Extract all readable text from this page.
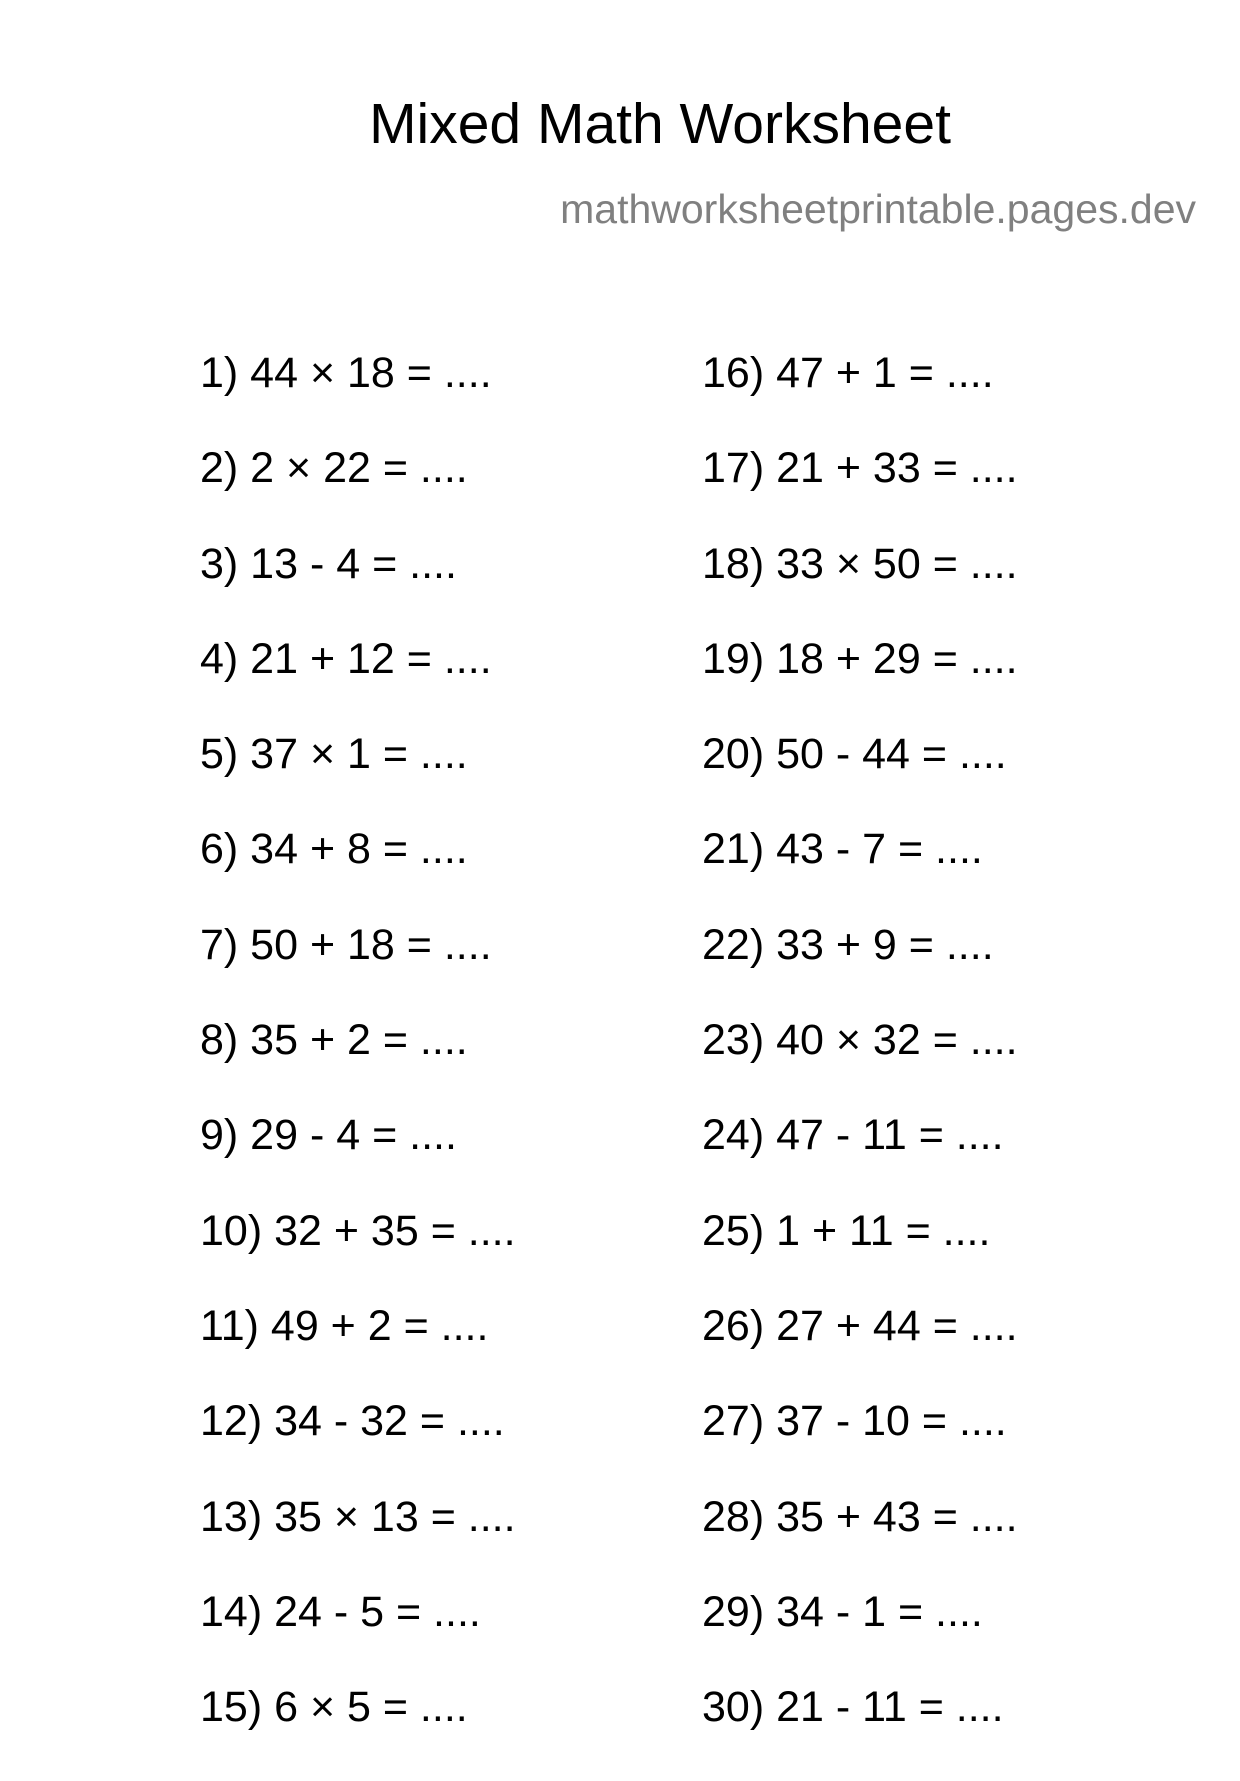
Mixed Math Worksheet
mathworksheetprintable.pages.dev
1) 44 × 18 = ....
2) 2 × 22 = ....
3) 13 - 4 = ....
4) 21 + 12 = ....
5) 37 × 1 = ....
6) 34 + 8 = ....
7) 50 + 18 = ....
8) 35 + 2 = ....
9) 29 - 4 = ....
10) 32 + 35 = ....
11) 49 + 2 = ....
12) 34 - 32 = ....
13) 35 × 13 = ....
14) 24 - 5 = ....
15) 6 × 5 = ....
16) 47 + 1 = ....
17) 21 + 33 = ....
18) 33 × 50 = ....
19) 18 + 29 = ....
20) 50 - 44 = ....
21) 43 - 7 = ....
22) 33 + 9 = ....
23) 40 × 32 = ....
24) 47 - 11 = ....
25) 1 + 11 = ....
26) 27 + 44 = ....
27) 37 - 10 = ....
28) 35 + 43 = ....
29) 34 - 1 = ....
30) 21 - 11 = ....
